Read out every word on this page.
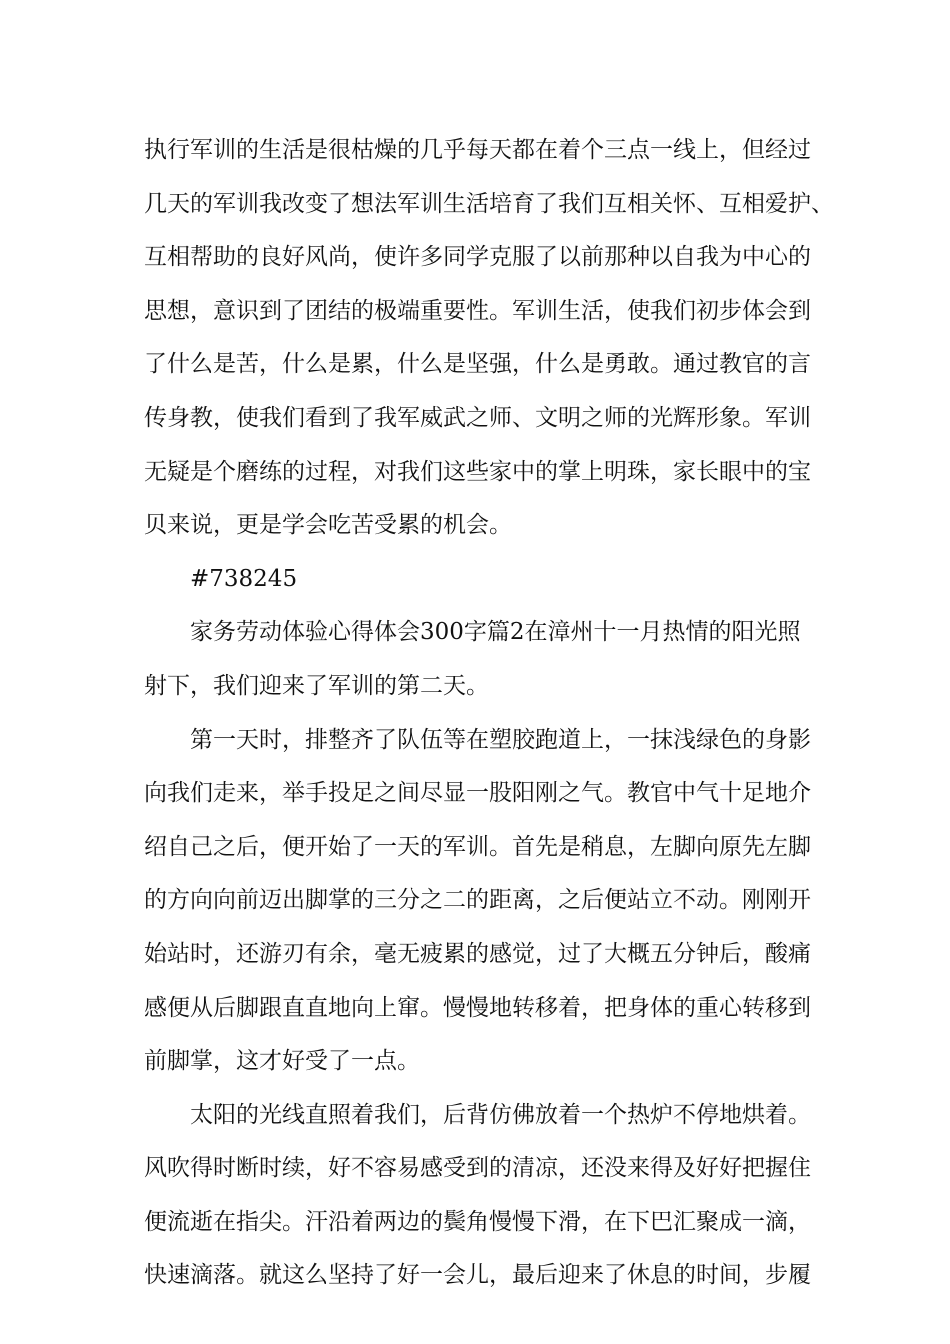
执行军训的生活是很枯燥的几乎每天都在着个三点一线上，但经过
几天的军训我改变了想法军训生活培育了我们互相关怀、互相爱护、
互相帮助的良好风尚，使许多同学克服了以前那种以自我为中心的
思想，意识到了团结的极端重要性。军训生活，使我们初步体会到
了什么是苦，什么是累，什么是坚强，什么是勇敢。通过教官的言
传身教，使我们看到了我军威武之师、文明之师的光辉形象。军训
无疑是个磨练的过程，对我们这些家中的掌上明珠，家长眼中的宝
贝来说，更是学会吃苦受累的机会。

#738245

家务劳动体验心得体会300字篇2在漳州十一月热情的阳光照
射下，我们迎来了军训的第二天。

第一天时，排整齐了队伍等在塑胶跑道上，一抹浅绿色的身影
向我们走来，举手投足之间尽显一股阳刚之气。教官中气十足地介
绍自己之后，便开始了一天的军训。首先是稍息，左脚向原先左脚
的方向向前迈出脚掌的三分之二的距离，之后便站立不动。刚刚开
始站时，还游刃有余，毫无疲累的感觉，过了大概五分钟后，酸痛
感便从后脚跟直直地向上窜。慢慢地转移着，把身体的重心转移到
前脚掌，这才好受了一点。

太阳的光线直照着我们，后背仿佛放着一个热炉不停地烘着。
风吹得时断时续，好不容易感受到的清凉，还没来得及好好把握住
便流逝在指尖。汗沿着两边的鬓角慢慢下滑，在下巴汇聚成一滴，
快速滴落。就这么坚持了好一会儿，最后迎来了休息的时间，步履
